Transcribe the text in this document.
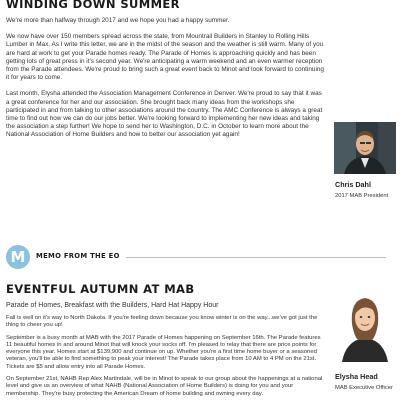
WINDING DOWN SUMMER

We're more than halfway through 2017 and we hope you had a happy summer.

We now have over 150 members spread across the state, from Mountrail Builders in Stanley to Rolling Hills Lumber in Max. As I write this letter, we are in the midst of the season and the weather is still warm. Many of you are hard at work to get your Parade homes ready. The Parade of Homes is approaching quickly and has been getting lots of great press in it's second year. We're anticipating a warm weekend and an even warmer reception from the Parade attendees. We're proud to bring such a great event back to Minot and look forward to continuing it for years to come.

Last month, Elysha attended the Association Management Conference in Denver. We're proud to say that it was a great conference for her and our association. She brought back many ideas from the workshops she participated in and from talking to other associations around the country. The AMC Conference is always a great time to find out how we can do our jobs better. We're looking forward to implementing her new ideas and taking the association a step further! We hope to send her to Washington, D.C. in October to learn more about the National Association of Home Builders and how to better our association yet again!

Chris Dahl
2017 MAB President
M	MEMO FROM THE EO
Elysha Head
MAB Executive Officer
EVENTFUL AUTUMN AT MAB

Parade of Homes, Breakfast with the Builders, Hard Hat Happy Hour

Fall is well on it's way to North Dakota. If you're feeling down because you know winter is on the way...we've got just the thing to cheer you up!

September is a busy month at MAB with the 2017 Parade of Homes happening on September 16th. The Parade features 11 beautiful homes in and around Minot that will knock your socks off. I'm pleased to relay that there are price points for everyone this year. Homes start at $139,900 and continue on up. Whether you're a first time home buyer or a seasoned veteran, you'll be able to find something to peak your interest! The Parade takes place from 10 AM to 4 PM on the 21st. Tickets are $5 and allow entry into all Parade Homes.

On September 21st, NAHB Rep Alex Martindale, will be in Minot to speak to our group about the happenings at a national level and give us an overview of what NAHB (National Association of Home Builders) is doing for you and your membership. They're busy protecting the American Dream of home building and owning every day.
